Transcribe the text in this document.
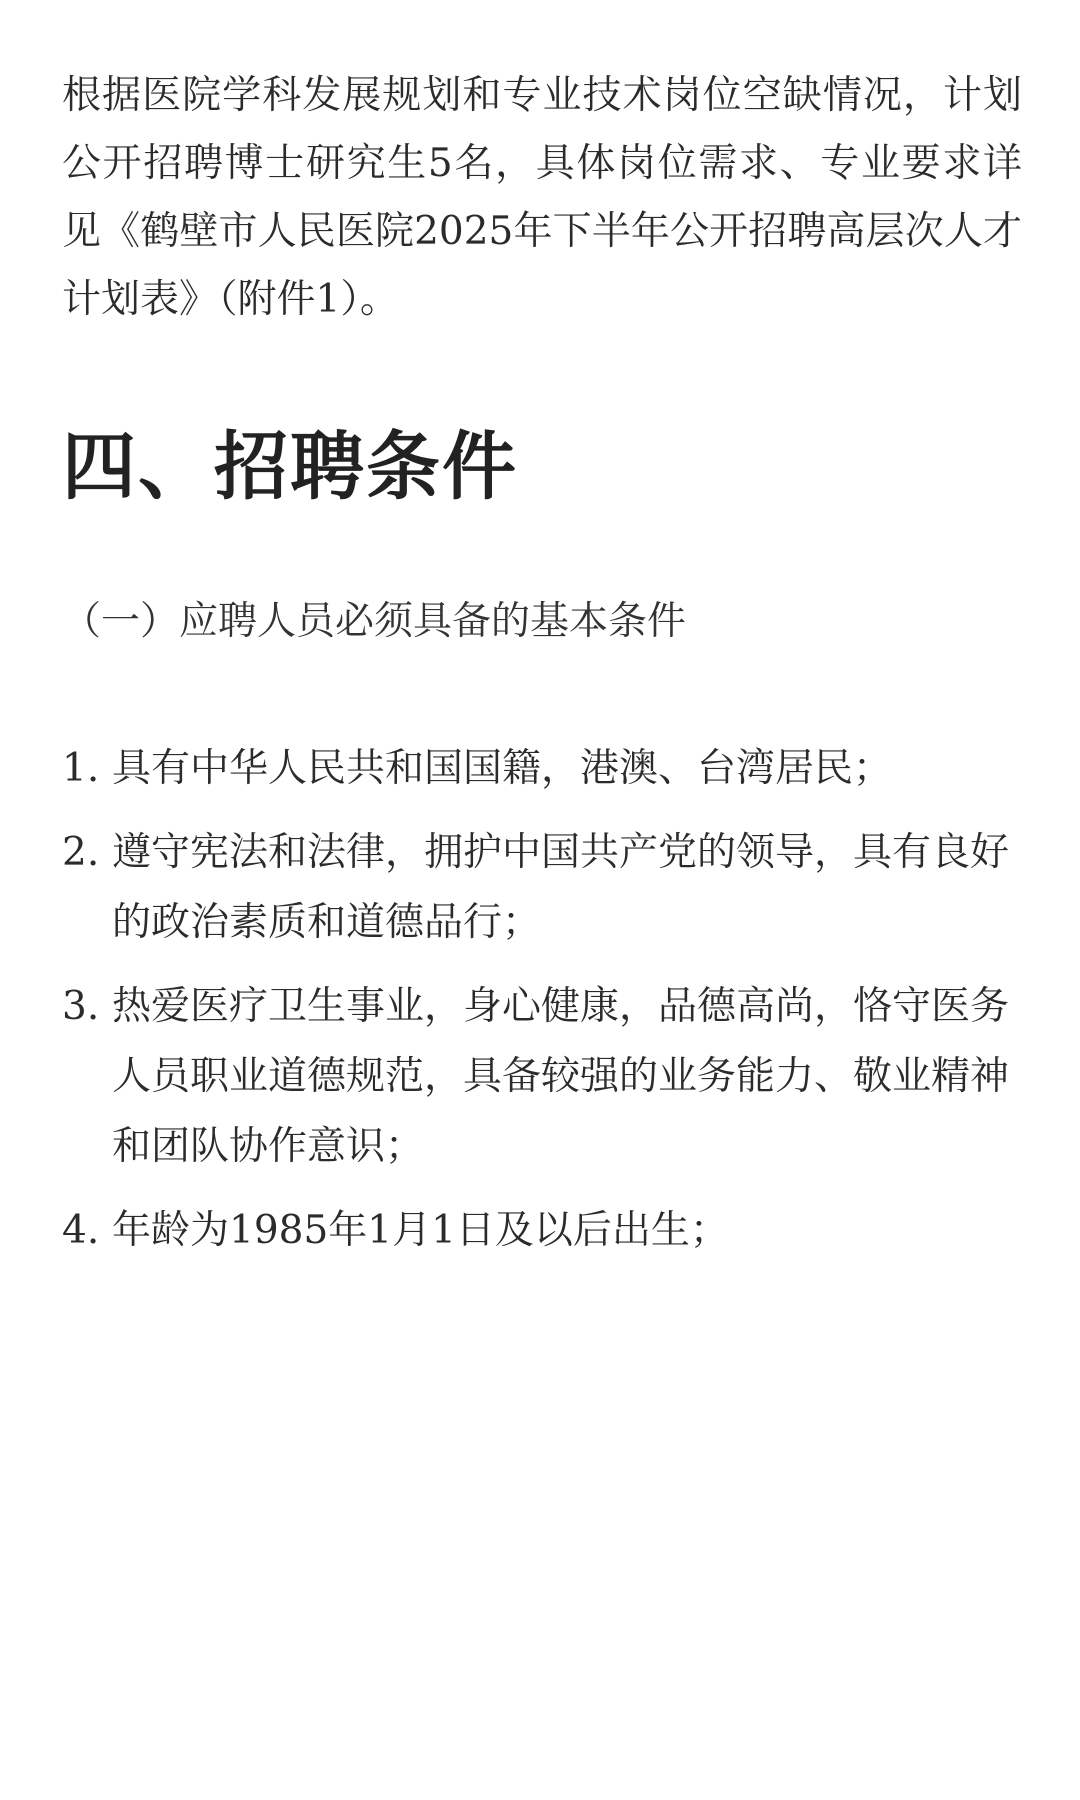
根据医院学科发展规划和专业技术岗位空缺情况，计划公开招聘博士研究生5名，具体岗位需求、专业要求详见《鹤壁市人民医院2025年下半年公开招聘高层次人才计划表》（附件1）。

四、招聘条件
（一）应聘人员必须具备的基本条件
1. 具有中华人民共和国国籍，港澳、台湾居民；
2. 遵守宪法和法律，拥护中国共产党的领导，具有良好的政治素质和道德品行；
3. 热爱医疗卫生事业，身心健康，品德高尚，恪守医务人员职业道德规范，具备较强的业务能力、敬业精神和团队协作意识；
4. 年龄为1985年1月1日及以后出生；
